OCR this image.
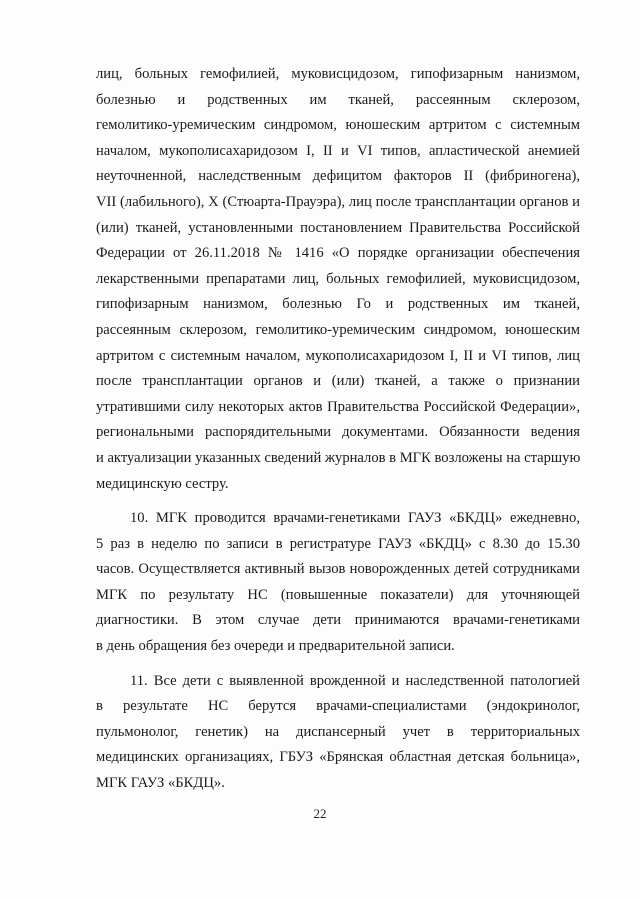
лиц, больных гемофилией, муковисцидозом, гипофизарным нанизмом,
болезнью и родственных им тканей, рассеянным склерозом,
гемолитико-уремическим синдромом, юношеским артритом с системным
началом, мукополисахаридозом I, II и VI типов, апластической анемией
неуточненной, наследственным дефицитом факторов II (фибриногена),
VII (лабильного), X (Стюарта-Прауэра), лиц после трансплантации органов и
(или) тканей, установленными постановлением Правительства Российской
Федерации от 26.11.2018 № 1416 «О порядке организации обеспечения
лекарственными препаратами лиц, больных гемофилией, муковисцидозом,
гипофизарным нанизмом, болезнью Го и родственных им тканей,
рассеянным склерозом, гемолитико-уремическим синдромом, юношеским
артритом с системным началом, мукополисахаридозом I, II и VI типов, лиц
после трансплантации органов и (или) тканей, а также о признании
утратившими силу некоторых актов Правительства Российской Федерации»,
региональными распорядительными документами. Обязанности ведения
и актуализации указанных сведений журналов в МГК возложены на старшую
медицинскую сестру.
10. МГК проводится врачами-генетиками ГАУЗ «БКДЦ» ежедневно,
5 раз в неделю по записи в регистратуре ГАУЗ «БКДЦ» с 8.30 до 15.30
часов. Осуществляется активный вызов новорожденных детей сотрудниками
МГК по результату НС (повышенные показатели) для уточняющей
диагностики. В этом случае дети принимаются врачами-генетиками
в день обращения без очереди и предварительной записи.
11. Все дети с выявленной врожденной и наследственной патологией
в результате НС берутся врачами-специалистами (эндокринолог,
пульмонолог, генетик) на диспансерный учет в территориальных
медицинских организациях, ГБУЗ «Брянская областная детская больница»,
МГК ГАУЗ «БКДЦ».
22
